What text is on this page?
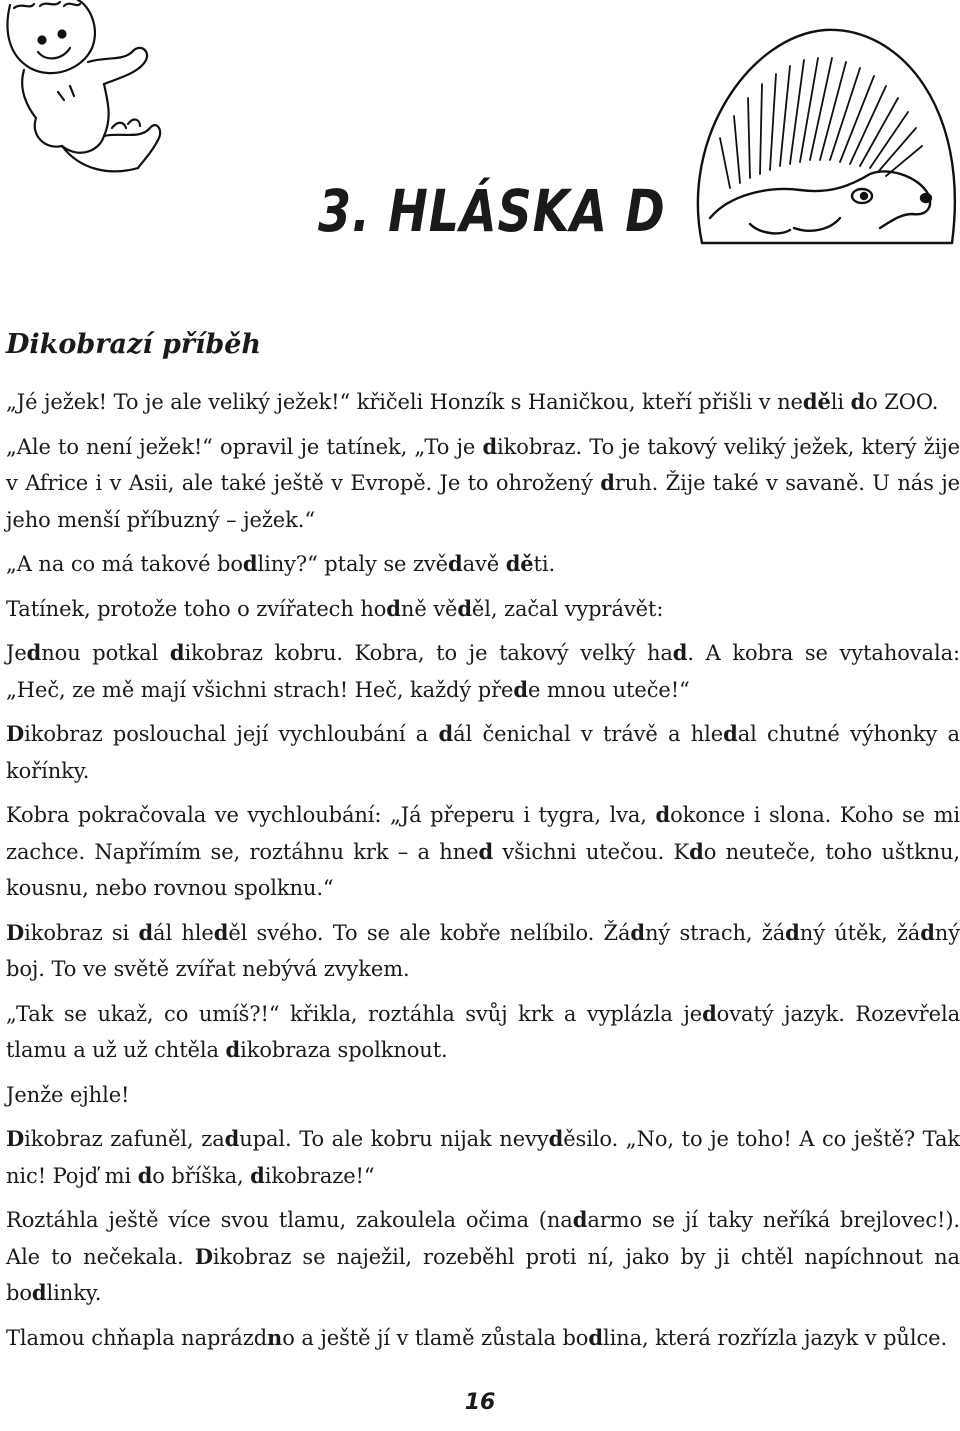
3. HLÁSKA D
Dikobrazí příběh

„Jé ježek! To je ale veliký ježek!“ křičeli Honzík s Haničkou, kteří přišli v neděli do ZOO.

„Ale to není ježek!“ opravil je tatínek, „To je dikobraz. To je takový veliký ježek, který žije v Africe i v Asii, ale také ještě v Evropě. Je to ohrožený druh. Žije také v savaně. U nás je jeho menší příbuzný – ježek.“

„A na co má takové bodliny?“ ptaly se zvědavě děti.

Tatínek, protože toho o zvířatech hodně věděl, začal vyprávět:

Jednou potkal dikobraz kobru. Kobra, to je takový velký had. A kobra se vytahovala: „Heč, ze mě mají všichni strach! Heč, každý přede mnou uteče!“

Dikobraz poslouchal její vychloubání a dál čenichal v trávě a hledal chutné výhonky a kořínky.

Kobra pokračovala ve vychloubání: „Já přeperu i tygra, lva, dokonce i slona. Koho se mi zachce. Napřímím se, roztáhnu krk – a hned všichni utečou. Kdo neuteče, toho uštknu, kousnu, nebo rovnou spolknu.“

Dikobraz si dál hleděl svého. To se ale kobře nelíbilo. Žádný strach, žádný útěk, žádný boj. To ve světě zvířat nebývá zvykem.

„Tak se ukaž, co umíš?!“ křikla, roztáhla svůj krk a vyplázla jedovatý jazyk. Rozevřela tlamu a už už chtěla dikobraza spolknout.

Jenže ejhle!

Dikobraz zafuněl, zadupal. To ale kobru nijak nevyděsilo. „No, to je toho! A co ještě? Tak nic! Pojď mi do bříška, dikobraze!“

Roztáhla ještě více svou tlamu, zakoulela očima (nadarmo se jí taky neříká brejlovec!). Ale to nečekala. Dikobraz se naježil, rozeběhl proti ní, jako by ji chtěl napíchnout na bodlinky.

Tlamou chňapla naprázdno a ještě jí v tlamě zůstala bodlina, která rozřízla jazyk v půlce.

16
